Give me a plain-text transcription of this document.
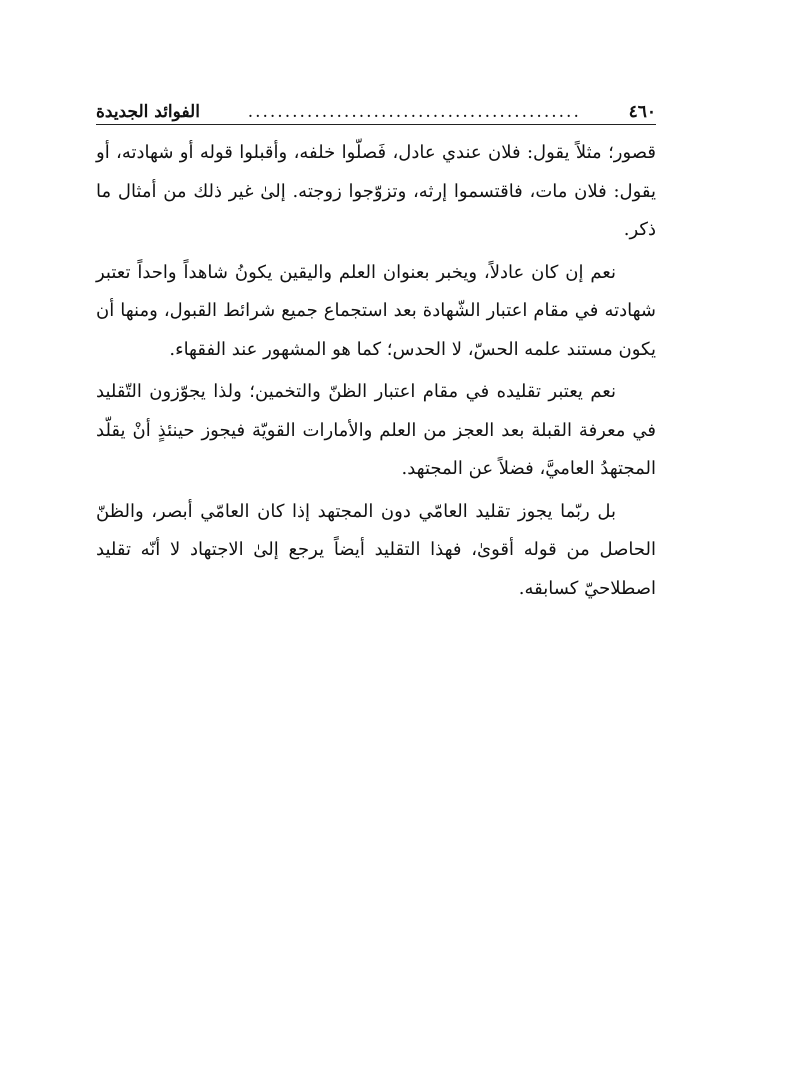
٤٦٠
.............................................
الفوائد الجديدة

قصور؛ مثلاً يقول: فلان عندي عادل، فَصلّوا خلفه، وأقبلوا قوله أو شهادته، أو يقول: فلان مات، فاقتسموا إرثه، وتزوّجوا زوجته. إلىٰ غير ذلك من أمثال ما ذكر.

نعم إن كان عادلاً، ويخبر بعنوان العلم واليقين يكونُ شاهداً واحداً تعتبر شهادته في مقام اعتبار الشّهادة بعد استجماع جميع شرائط القبول، ومنها أن يكون مستند علمه الحسّ، لا الحدس؛ كما هو المشهور عند الفقهاء.

نعم يعتبر تقليده في مقام اعتبار الظنّ والتخمين؛ ولذا يجوّزون التّقليد في معرفة القبلة بعد العجز من العلم والأمارات القويّة فيجوز حينئذٍ أنْ يقلّد المجتهدُ العاميَّ، فضلاً عن المجتهد.

بل ربّما يجوز تقليد العامّي دون المجتهد إذا كان العامّي أبصر، والظنّ الحاصل من قوله أقوىٰ، فهذا التقليد أيضاً يرجع إلىٰ الاجتهاد لا أنّه تقليد اصطلاحيّ كسابقه.
